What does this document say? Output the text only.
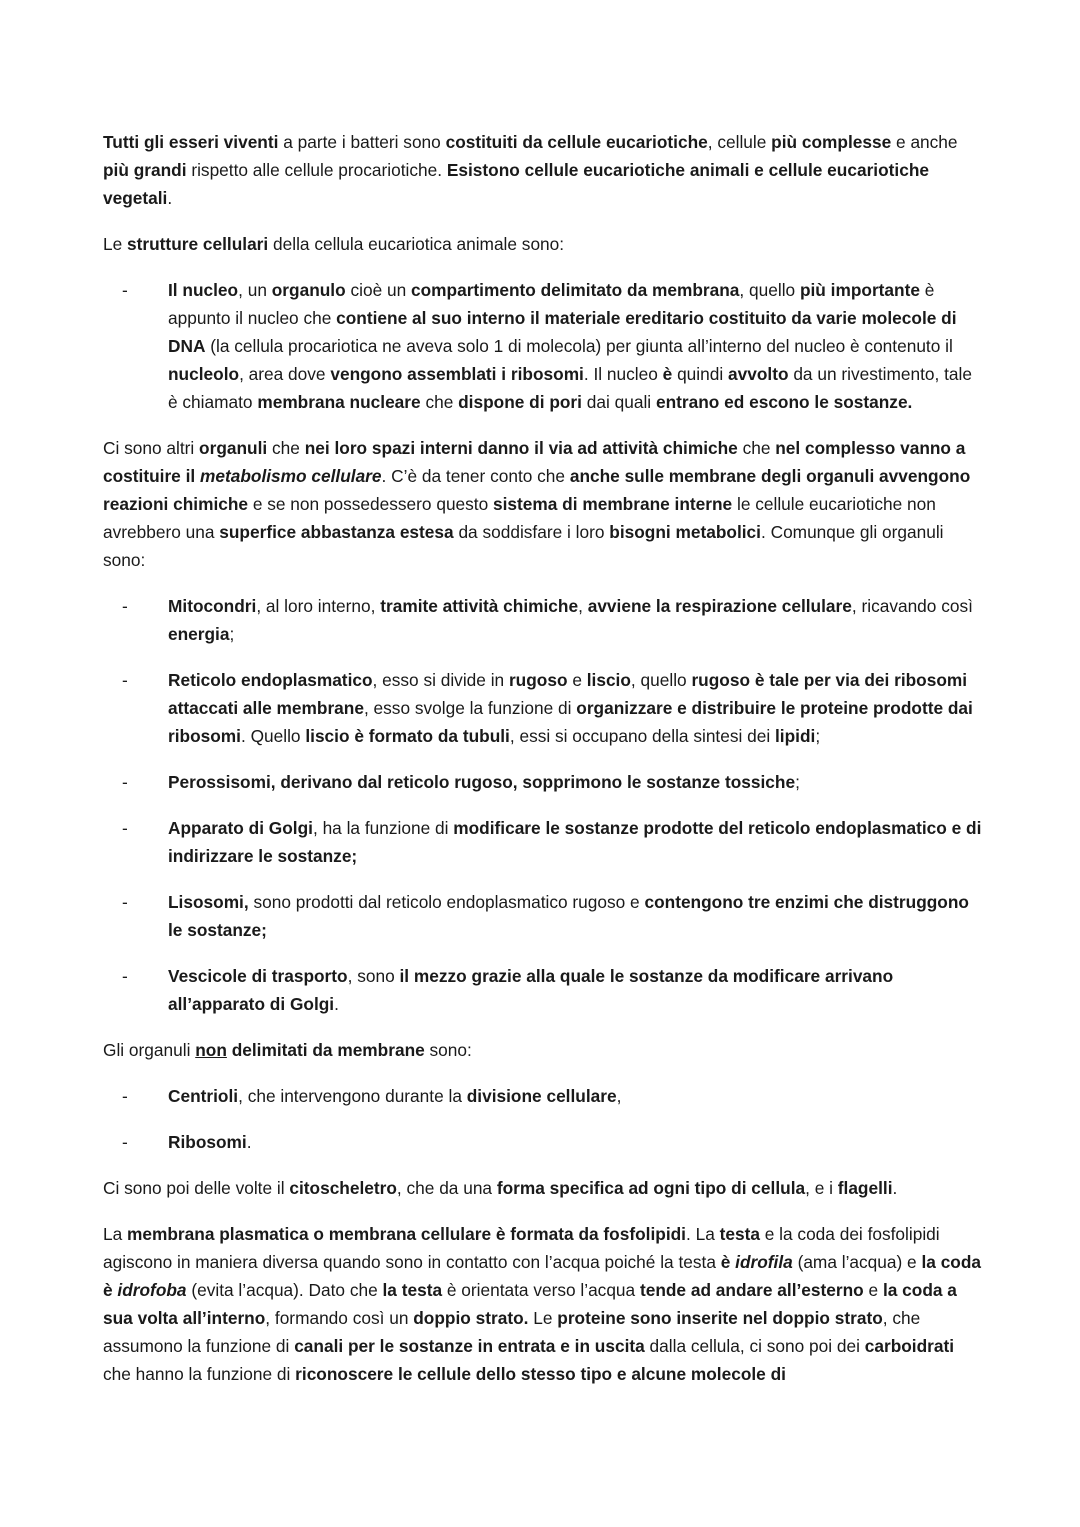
Tutti gli esseri viventi a parte i batteri sono costituiti da cellule eucariotiche, cellule più complesse e anche più grandi rispetto alle cellule procariotiche. Esistono cellule eucariotiche animali e cellule eucariotiche vegetali.

Le strutture cellulari della cellula eucariotica animale sono:

- Il nucleo, un organulo cioè un compartimento delimitato da membrana, quello più importante è appunto il nucleo che contiene al suo interno il materiale ereditario costituito da varie molecole di DNA (la cellula procariotica ne aveva solo 1 di molecola) per giunta all’interno del nucleo è contenuto il nucleolo, area dove vengono assemblati i ribosomi. Il nucleo è quindi avvolto da un rivestimento, tale è chiamato membrana nucleare che dispone di pori dai quali entrano ed escono le sostanze.

Ci sono altri organuli che nei loro spazi interni danno il via ad attività chimiche che nel complesso vanno a costituire il metabolismo cellulare. C’è da tener conto che anche sulle membrane degli organuli avvengono reazioni chimiche e se non possedessero questo sistema di membrane interne le cellule eucariotiche non avrebbero una superfice abbastanza estesa da soddisfare i loro bisogni metabolici. Comunque gli organuli sono:

- Mitocondri, al loro interno, tramite attività chimiche, avviene la respirazione cellulare, ricavando così energia;
- Reticolo endoplasmatico, esso si divide in rugoso e liscio, quello rugoso è tale per via dei ribosomi attaccati alle membrane, esso svolge la funzione di organizzare e distribuire le proteine prodotte dai ribosomi. Quello liscio è formato da tubuli, essi si occupano della sintesi dei lipidi;
- Perossisomi, derivano dal reticolo rugoso, sopprimono le sostanze tossiche;
- Apparato di Golgi, ha la funzione di modificare le sostanze prodotte del reticolo endoplasmatico e di indirizzare le sostanze;
- Lisosomi, sono prodotti dal reticolo endoplasmatico rugoso e contengono tre enzimi che distruggono le sostanze;
- Vescicole di trasporto, sono il mezzo grazie alla quale le sostanze da modificare arrivano all’apparato di Golgi.

Gli organuli non delimitati da membrane sono:

- Centrioli, che intervengono durante la divisione cellulare,
- Ribosomi.

Ci sono poi delle volte il citoscheletro, che da una forma specifica ad ogni tipo di cellula, e i flagelli.

La membrana plasmatica o membrana cellulare è formata da fosfolipidi. La testa e la coda dei fosfolipidi agiscono in maniera diversa quando sono in contatto con l’acqua poiché la testa è idrofila (ama l’acqua) e la coda è idrofoba (evita l’acqua). Dato che la testa è orientata verso l’acqua tende ad andare all’esterno e la coda a sua volta all’interno, formando così un doppio strato. Le proteine sono inserite nel doppio strato, che assumono la funzione di canali per le sostanze in entrata e in uscita dalla cellula, ci sono poi dei carboidrati che hanno la funzione di riconoscere le cellule dello stesso tipo e alcune molecole di
